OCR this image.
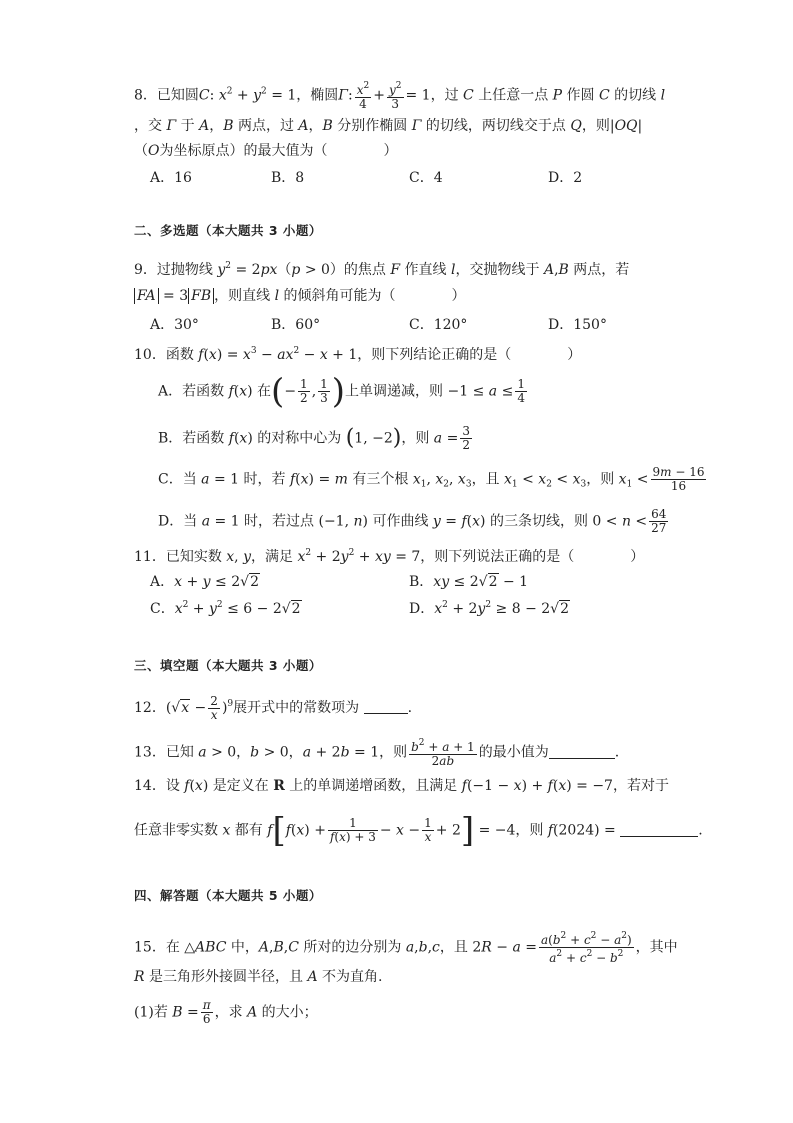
8．已知圆C: $x^2 + y^2 = 1$，椭圆Γ: $\frac{x^2}{4} + \frac{y^2}{3} = 1$，过 C 上任意一点 P 作圆 C 的切线 l
，交 Γ 于 A，B 两点，过 A，B 分别作椭圆 Γ 的切线，两切线交于点 Q，则|OQ|
（O为坐标原点）的最大值为（　　　　）
A．16	B．8	C．4	D．2
二、多选题（本大题共 3 小题）
9．过抛物线 $y^2 = 2px(p > 0)$的焦点 F 作直线 l，交抛物线于 A,B 两点，若
FA = 3 FB ，则直线 l 的倾斜角可能为（　　　　）
A．30°	B．60°	C．120°	D．150°
10．函数 $f(x) = x^3 - ax^2 - x + 1$，则下列结论正确的是（　　　　）
A．若函数 f(x) 在(− $\frac{1}{2}$ , $\frac{1}{3}$ )上单调递减，则 $-1 \le a \le \frac{1}{4}$
B．若函数 f(x) 的对称中心为 (1, −2)，则 $a = \frac{3}{2}$
C．当 a = 1 时，若 f(x) = m 有三个根 $x_1$, $x_2$, $x_3$，且 $x_1 < x_2 < x_3$，则 $x_1 < \frac{9m - 16}{16}$
D．当 a = 1 时，若过点 (−1, n) 可作曲线 y = f(x) 的三条切线，则 $0 < n < \frac{64}{27}$
11．已知实数 x, y，满足 $x^2 + 2y^2$ + xy = 7，则下列说法正确的是（　　　　）
A．x + y ≤ 2√2	B．xy ≤ 2√2 − 1
C．$x^2 + y^2 \le 6 - 2√2$	D．$x^2 + 2y^2 \ge 8 - 2√2$
三、填空题（本大题共 3 小题）
12．$(√x - \frac{2}{x} )^9$展开式中的常数项为	.
13．已知 a > 0，b > 0，a + 2b = 1，则 $\frac{b^2 + a + 1}{2ab}$ 的最小值为	.
14．设 f(x) 是定义在 R 上的单调递增函数，且满足 f(−1 − x) + f(x) = −7，若对于
任意非零实数 x 都有 $f[f(x) + \frac{1}{f(x) + 3} - x - \frac{1}{x} + 2] = -4$，则 f(2024) =	.
四、解答题（本大题共 5 小题）
15．在 △ABC 中，A,B,C 所对的边分别为 a,b,c，且 $2R - a = \frac{a(b^2 + c^2 - a^2)}{a^2 + c^2 - b^2}$ ，其中
R 是三角形外接圆半径，且 A 不为直角.
(1)若 $B = \frac{\pi}{6}$ ，求 A 的大小；
